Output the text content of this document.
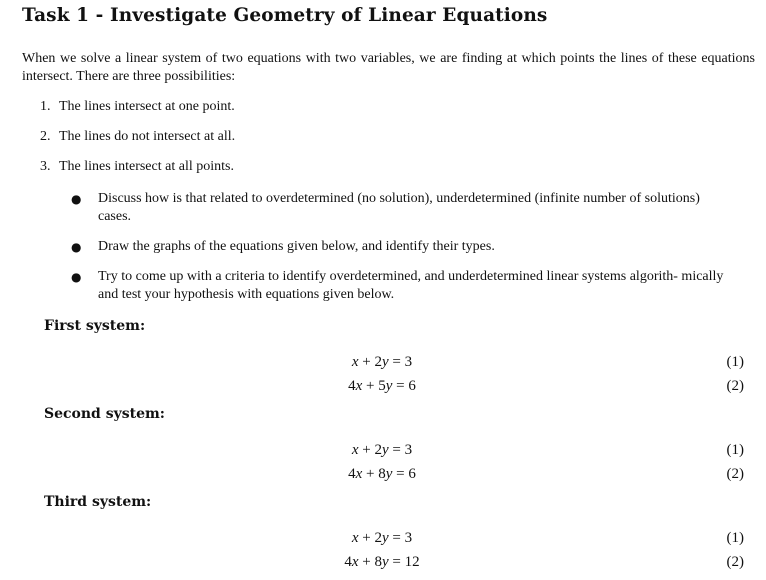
Task 1 - Investigate Geometry of Linear Equations

When we solve a linear system of two equations with two variables, we are finding at which points the lines of these equations intersect. There are three possibilities:

1. The lines intersect at one point.
2. The lines do not intersect at all.
3. The lines intersect at all points.
● Discuss how is that related to overdetermined (no solution), underdetermined (infinite number of solutions) cases.
● Draw the graphs of the equations given below, and identify their types.
● Try to come up with a criteria to identify overdetermined, and underdetermined linear systems algorith- mically and test your hypothesis with equations given below.
First system:
x + 2y = 3	(1)
4x + 5y = 6	(2)
Second system:
x + 2y = 3	(1)
4x + 8y = 6	(2)
Third system:
x + 2y = 3	(1)
4x + 8y = 12	(2)
